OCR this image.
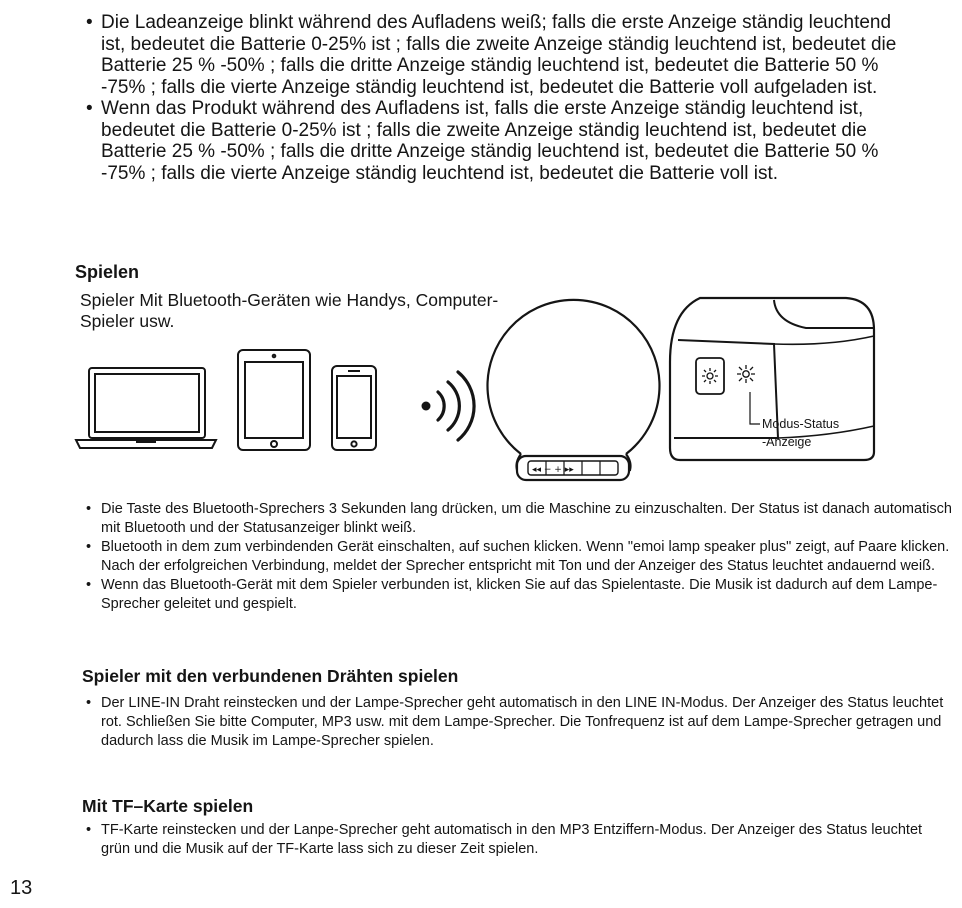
• Die Ladeanzeige blinkt während des Aufladens weiß; falls die erste Anzeige ständig leuchtend ist, bedeutet die Batterie 0-25% ist ; falls die zweite Anzeige ständig leuchtend ist, bedeutet die Batterie 25 % -50% ; falls die dritte Anzeige ständig leuchtend ist, bedeutet die Batterie 50 % -75% ; falls die vierte Anzeige ständig leuchtend ist, bedeutet die Batterie voll aufgeladen ist.
• Wenn das Produkt während des Aufladens ist, falls die erste Anzeige ständig leuchtend ist, bedeutet die Batterie 0-25% ist ; falls die zweite Anzeige ständig leuchtend ist, bedeutet die Batterie 25 % -50% ; falls die dritte Anzeige ständig leuchtend ist, bedeutet die Batterie 50 % -75% ; falls die vierte Anzeige ständig leuchtend ist, bedeutet die Batterie voll ist.
Spielen
Spieler Mit Bluetooth-Geräten wie Handys, Computer-Spieler usw.
◂◂ − + ▸▸
Modus-Status
-Anzeige
• Die Taste des Bluetooth-Sprechers 3 Sekunden lang drücken, um die Maschine zu einzuschalten. Der Status ist danach automatisch mit Bluetooth und der Statusanzeiger blinkt weiß.
• Bluetooth in dem zum verbindenden Gerät einschalten, auf suchen klicken. Wenn "emoi lamp speaker plus" zeigt, auf Paare klicken. Nach der erfolgreichen Verbindung, meldet der Sprecher entspricht mit Ton und der Anzeiger des Status leuchtet andauernd weiß.
• Wenn das Bluetooth-Gerät mit dem Spieler verbunden ist, klicken Sie auf das Spielentaste. Die Musik ist dadurch auf dem Lampe-Sprecher geleitet und gespielt.
Spieler mit den verbundenen Drähten spielen
• Der LINE-IN Draht reinstecken und der Lampe-Sprecher geht automatisch in den LINE IN-Modus. Der Anzeiger des Status leuchtet rot. Schließen Sie bitte Computer, MP3 usw. mit dem Lampe-Sprecher. Die Tonfrequenz ist auf dem Lampe-Sprecher getragen und dadurch lass die Musik im Lampe-Sprecher spielen.
Mit TF–Karte spielen
• TF-Karte reinstecken und der Lanpe-Sprecher geht automatisch in den MP3 Entziffern-Modus. Der Anzeiger des Status leuchtet grün und die Musik auf der TF-Karte lass sich zu dieser Zeit spielen.
13
